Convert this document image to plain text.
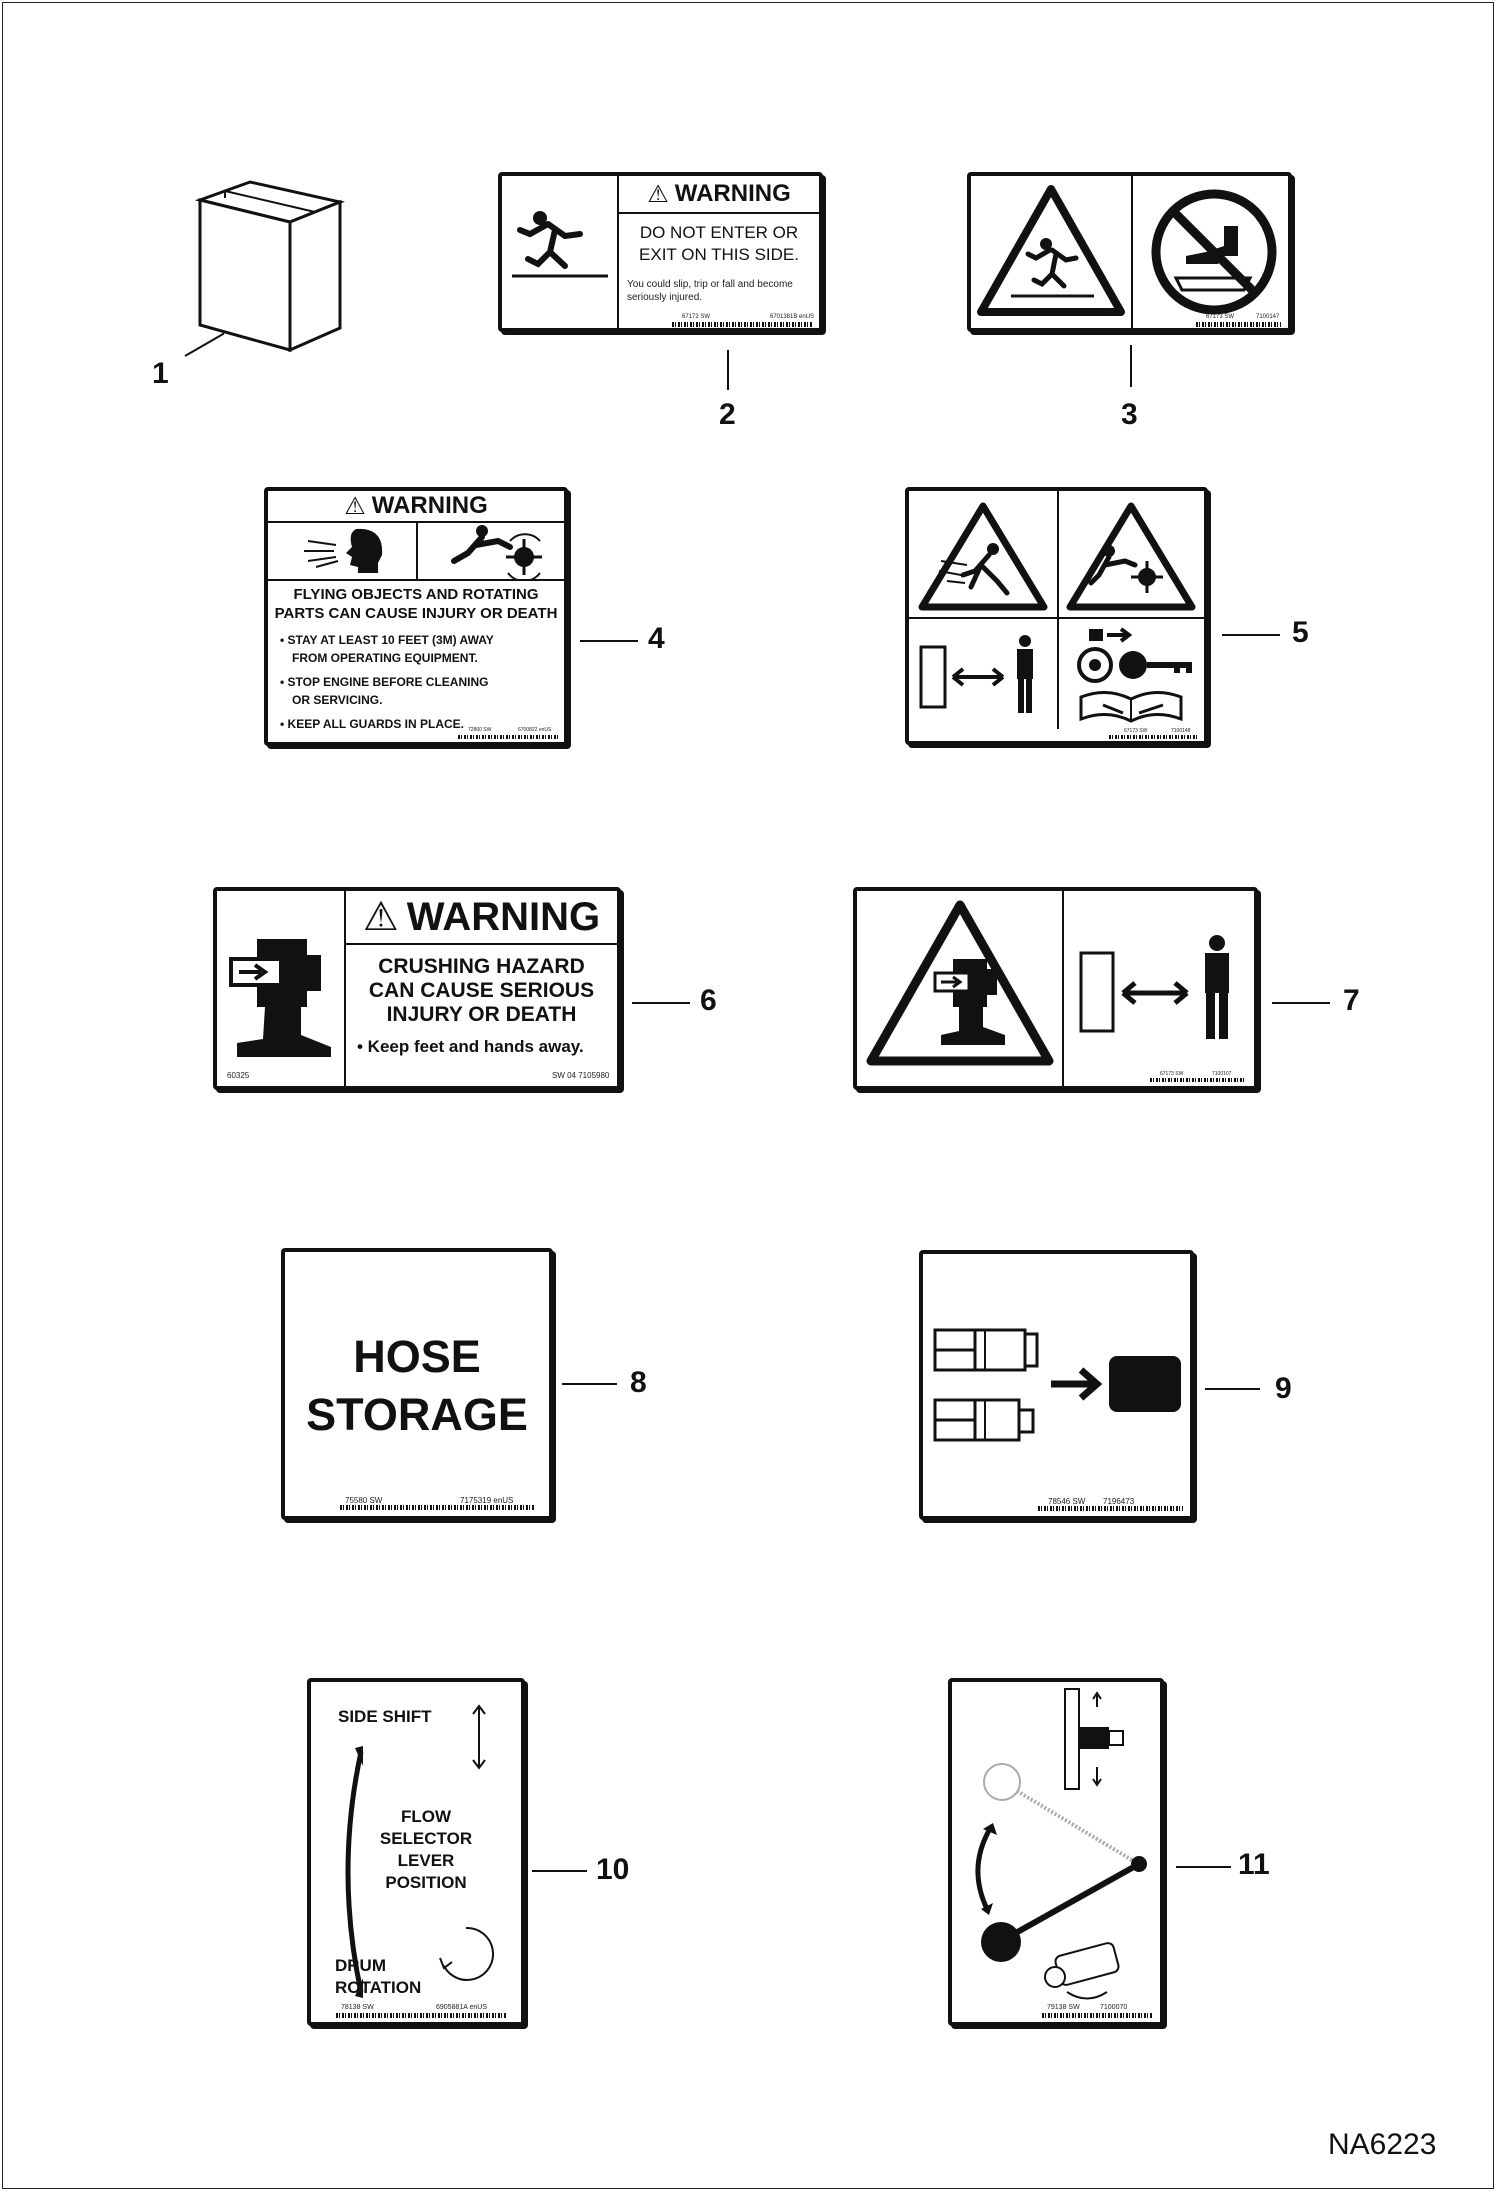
1
⚠ WARNING
DO NOT ENTER OR
EXIT ON THIS SIDE.
You could slip, trip or fall and become
seriously injured.
67172 SW	6701381B enUS
2
67173 SW	7100147
3
⚠ WARNING
FLYING OBJECTS AND ROTATING
PARTS CAN CAUSE INJURY OR DEATH
• STAY AT LEAST 10 FEET (3M) AWAY
FROM OPERATING EQUIPMENT.
• STOP ENGINE BEFORE CLEANING
OR SERVICING.
• KEEP ALL GUARDS IN PLACE. 72860 SW	6700822 enUS
4
67173 SW	7100148
5
⚠ WARNING
CRUSHING HAZARD
CAN CAUSE SERIOUS
INJURY OR DEATH
• Keep feet and hands away.
60325	SW 04 7105980
6
67173 SW	7100107
7
HOSE
STORAGE
75580 SW	7175319 enUS
8
78546 SW 7196473
9
SIDE SHIFT
FLOW
SELECTOR
LEVER
POSITION
DRUM
ROTATION
78138 SW	6905881A enUS
10
79138 SW	7100070
11
NA6223
